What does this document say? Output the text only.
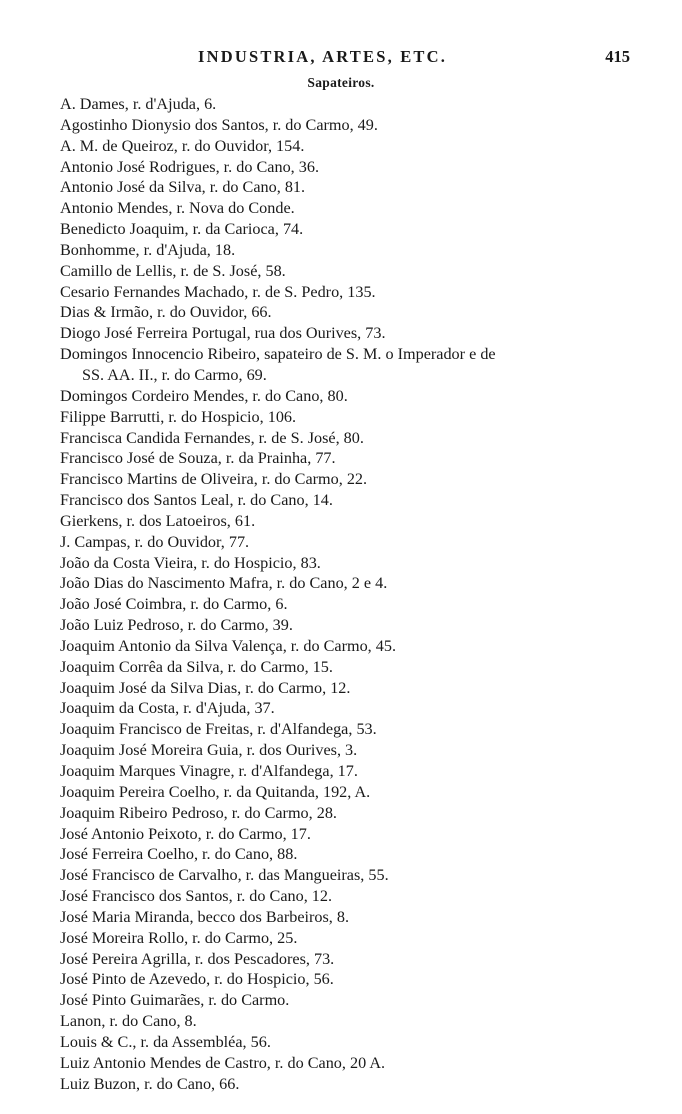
INDUSTRIA, ARTES, ETC.	415
Sapateiros.
A. Dames, r. d'Ajuda, 6.
Agostinho Dionysio dos Santos, r. do Carmo, 49.
A. M. de Queiroz, r. do Ouvidor, 154.
Antonio José Rodrigues, r. do Cano, 36.
Antonio José da Silva, r. do Cano, 81.
Antonio Mendes, r. Nova do Conde.
Benedicto Joaquim, r. da Carioca, 74.
Bonhomme, r. d'Ajuda, 18.
Camillo de Lellis, r. de S. José, 58.
Cesario Fernandes Machado, r. de S. Pedro, 135.
Dias & Irmão, r. do Ouvidor, 66.
Diogo José Ferreira Portugal, rua dos Ourives, 73.
Domingos Innocencio Ribeiro, sapateiro de S. M. o Imperador e de
SS. AA. II., r. do Carmo, 69.
Domingos Cordeiro Mendes, r. do Cano, 80.
Filippe Barrutti, r. do Hospicio, 106.
Francisca Candida Fernandes, r. de S. José, 80.
Francisco José de Souza, r. da Prainha, 77.
Francisco Martins de Oliveira, r. do Carmo, 22.
Francisco dos Santos Leal, r. do Cano, 14.
Gierkens, r. dos Latoeiros, 61.
J. Campas, r. do Ouvidor, 77.
João da Costa Vieira, r. do Hospicio, 83.
João Dias do Nascimento Mafra, r. do Cano, 2 e 4.
João José Coimbra, r. do Carmo, 6.
João Luiz Pedroso, r. do Carmo, 39.
Joaquim Antonio da Silva Valença, r. do Carmo, 45.
Joaquim Corrêa da Silva, r. do Carmo, 15.
Joaquim José da Silva Dias, r. do Carmo, 12.
Joaquim da Costa, r. d'Ajuda, 37.
Joaquim Francisco de Freitas, r. d'Alfandega, 53.
Joaquim José Moreira Guia, r. dos Ourives, 3.
Joaquim Marques Vinagre, r. d'Alfandega, 17.
Joaquim Pereira Coelho, r. da Quitanda, 192, A.
Joaquim Ribeiro Pedroso, r. do Carmo, 28.
José Antonio Peixoto, r. do Carmo, 17.
José Ferreira Coelho, r. do Cano, 88.
José Francisco de Carvalho, r. das Mangueiras, 55.
José Francisco dos Santos, r. do Cano, 12.
José Maria Miranda, becco dos Barbeiros, 8.
José Moreira Rollo, r. do Carmo, 25.
José Pereira Agrilla, r. dos Pescadores, 73.
José Pinto de Azevedo, r. do Hospicio, 56.
José Pinto Guimarães, r. do Carmo.
Lanon, r. do Cano, 8.
Louis & C., r. da Assembléa, 56.
Luiz Antonio Mendes de Castro, r. do Cano, 20 A.
Luiz Buzon, r. do Cano, 66.
